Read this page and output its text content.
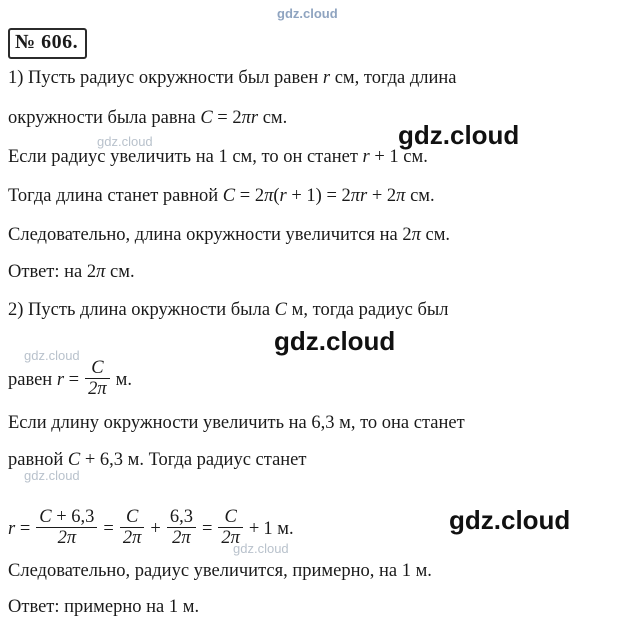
gdz.cloud
gdz.cloud
gdz.cloud
gdz.cloud
gdz.cloud
№ 606.
1) Пусть радиус окружности был равен r см, тогда длина
окружности была равна C = 2πr см.
Если радиус увеличить на 1 см, то он станет r + 1 см.
Тогда длина станет равной C = 2π(r + 1) = 2πr + 2π см.
Следовательно, длина окружности увеличится на 2π см.
Ответ: на 2π см.
2) Пусть длина окружности была C м, тогда радиус был
равен $r = \frac{C}{2\pi} м$.
Если длину окружности увеличить на 6,3 м, то она станет
равной C + 6,3 м. Тогда радиус станет
$r = \frac{C + 6,3}{2\pi} = \frac{C}{2\pi} + \frac{6,3}{2\pi} = \frac{C}{2\pi} + 1$ м.
Следовательно, радиус увеличится, примерно, на 1 м.
Ответ: примерно на 1 м.
gdz.cloud
gdz.cloud
gdz.cloud
